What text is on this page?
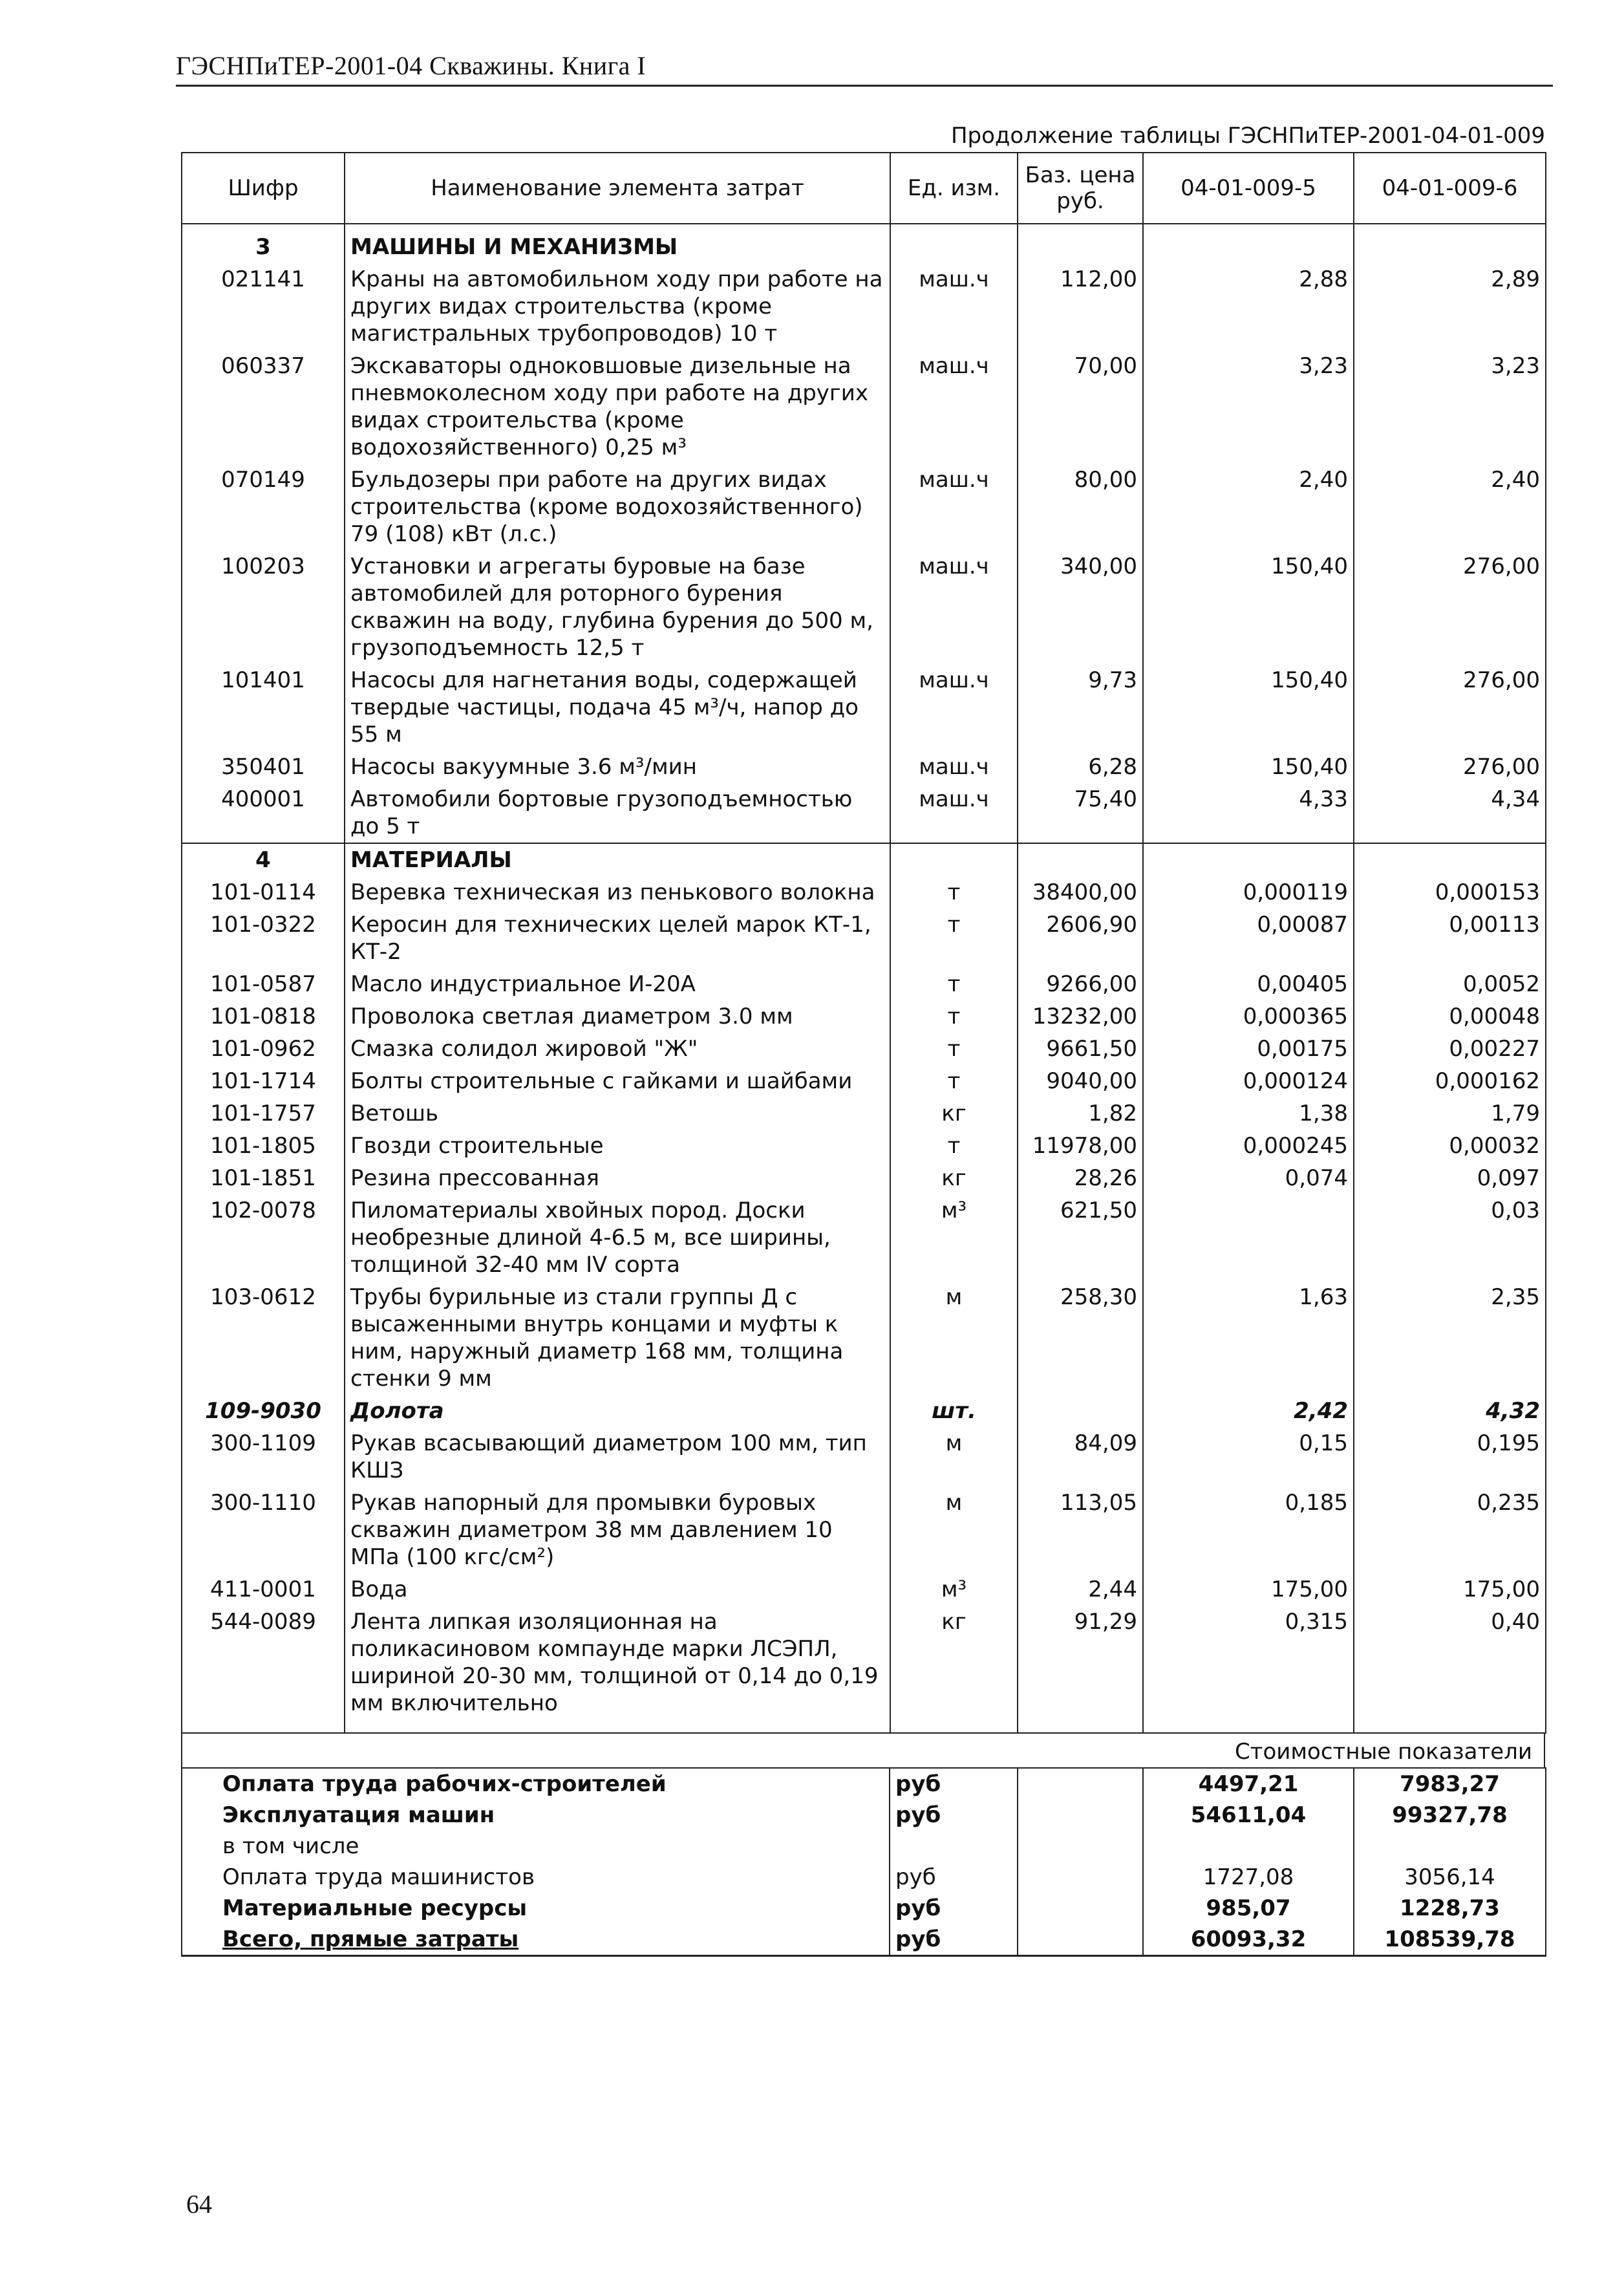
ГЭСНПиТЕР-2001-04 Скважины. Книга I
Продолжение таблицы ГЭСНПиТЕР-2001-04-01-009
Шифр	Наименование элемента затрат	Ед. изм.	Баз. цена руб.	04-01-009-5	04-01-009-6
3	МАШИНЫ И МЕХАНИЗМЫ				
021141	Краны на автомобильном ходу при работе на других видах строительства (кроме магистральных трубопроводов) 10 т	маш.ч	112,00	2,88	2,89
060337	Экскаваторы одноковшовые дизельные на пневмоколесном ходу при работе на других видах строительства (кроме водохозяйственного) 0,25 м³	маш.ч	70,00	3,23	3,23
070149	Бульдозеры при работе на других видах строительства (кроме водохозяйственного) 79 (108) кВт (л.с.)	маш.ч	80,00	2,40	2,40
100203	Установки и агрегаты буровые на базе автомобилей для роторного бурения скважин на воду, глубина бурения до 500 м, грузоподъемность 12,5 т	маш.ч	340,00	150,40	276,00
101401	Насосы для нагнетания воды, содержащей твердые частицы, подача 45 м³/ч, напор до 55 м	маш.ч	9,73	150,40	276,00
350401	Насосы вакуумные 3.6 м³/мин	маш.ч	6,28	150,40	276,00
400001	Автомобили бортовые грузоподъемностью до 5 т	маш.ч	75,40	4,33	4,34
4	МАТЕРИАЛЫ				
101-0114	Веревка техническая из пенькового волокна	т	38400,00	0,000119	0,000153
101-0322	Керосин для технических целей марок КТ-1, КТ-2	т	2606,90	0,00087	0,00113
101-0587	Масло индустриальное И-20А	т	9266,00	0,00405	0,0052
101-0818	Проволока светлая диаметром 3.0 мм	т	13232,00	0,000365	0,00048
101-0962	Смазка солидол жировой "Ж"	т	9661,50	0,00175	0,00227
101-1714	Болты строительные с гайками и шайбами	т	9040,00	0,000124	0,000162
101-1757	Ветошь	кг	1,82	1,38	1,79
101-1805	Гвозди строительные	т	11978,00	0,000245	0,00032
101-1851	Резина прессованная	кг	28,26	0,074	0,097
102-0078	Пиломатериалы хвойных пород. Доски необрезные длиной 4-6.5 м, все ширины, толщиной 32-40 мм IV сорта	м³	621,50		0,03
103-0612	Трубы бурильные из стали группы Д с высаженными внутрь концами и муфты к ним, наружный диаметр 168 мм, толщина стенки 9 мм	м	258,30	1,63	2,35
109-9030	Долота	шт.		2,42	4,32
300-1109	Рукав всасывающий диаметром 100 мм, тип КШЗ	м	84,09	0,15	0,195
300-1110	Рукав напорный для промывки буровых скважин диаметром 38 мм давлением 10 МПа (100 кгс/см²)	м	113,05	0,185	0,235
411-0001	Вода	м³	2,44	175,00	175,00
544-0089	Лента липкая изоляционная на поликасиновом компаунде марки ЛСЭПЛ, шириной 20-30 мм, толщиной от 0,14 до 0,19 мм включительно	кг	91,29	0,315	0,40

Стоимостные показатели
Оплата труда рабочих-строителей	руб		4497,21	7983,27
Эксплуатация машин	руб		54611,04	99327,78
в том числе				
Оплата труда машинистов	руб		1727,08	3056,14
Материальные ресурсы	руб		985,07	1228,73
Всего, прямые затраты	руб		60093,32	108539,78
64
